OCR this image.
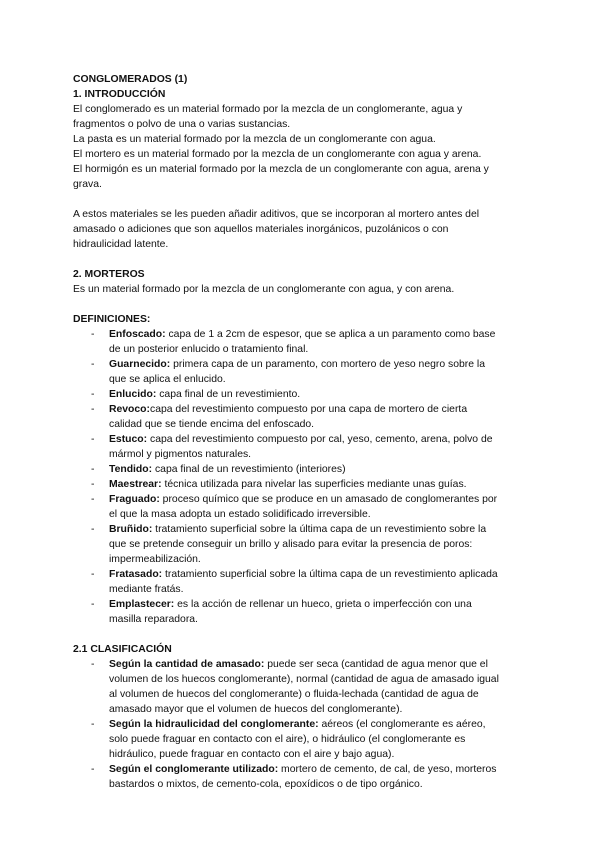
CONGLOMERADOS (1)

1. INTRODUCCIÓN

El conglomerado es un material formado por la mezcla de un conglomerante, agua y

fragmentos o polvo de una o varias sustancias.

La pasta es un material formado por la mezcla de un conglomerante con agua.

El mortero es un material formado por la mezcla de un conglomerante con agua y arena.

El hormigón es un material formado por la mezcla de un conglomerante con agua, arena y

grava.

A estos materiales se les pueden añadir aditivos, que se incorporan al mortero antes del

amasado o adiciones que son aquellos materiales inorgánicos, puzolánicos o con

hidraulicidad latente.

2. MORTEROS

Es un material formado por la mezcla de un conglomerante con agua, y con arena.

DEFINICIONES:

- Enfoscado: capa de 1 a 2cm de espesor, que se aplica a un paramento como base
de un posterior enlucido o tratamiento final.
- Guarnecido: primera capa de un paramento, con mortero de yeso negro sobre la
que se aplica el enlucido.
- Enlucido: capa final de un revestimiento.
- Revoco:capa del revestimiento compuesto por una capa de mortero de cierta
calidad que se tiende encima del enfoscado.
- Estuco: capa del revestimiento compuesto por cal, yeso, cemento, arena, polvo de
mármol y pigmentos naturales.
- Tendido: capa final de un revestimiento (interiores)
- Maestrear: técnica utilizada para nivelar las superficies mediante unas guías.
- Fraguado: proceso químico que se produce en un amasado de conglomerantes por
el que la masa adopta un estado solidificado irreversible.
- Bruñido: tratamiento superficial sobre la última capa de un revestimiento sobre la
que se pretende conseguir un brillo y alisado para evitar la presencia de poros:
impermeabilización.
- Fratasado: tratamiento superficial sobre la última capa de un revestimiento aplicada
mediante fratás.
- Emplastecer: es la acción de rellenar un hueco, grieta o imperfección con una
masilla reparadora.

2.1 CLASIFICACIÓN

- Según la cantidad de amasado: puede ser seca (cantidad de agua menor que el
volumen de los huecos conglomerante), normal (cantidad de agua de amasado igual
al volumen de huecos del conglomerante) o fluida-lechada (cantidad de agua de
amasado mayor que el volumen de huecos del conglomerante).
- Según la hidraulicidad del conglomerante: aéreos (el conglomerante es aéreo,
solo puede fraguar en contacto con el aire), o hidráulico (el conglomerante es
hidráulico, puede fraguar en contacto con el aire y bajo agua).
- Según el conglomerante utilizado: mortero de cemento, de cal, de yeso, morteros
bastardos o mixtos, de cemento-cola, epoxídicos o de tipo orgánico.
